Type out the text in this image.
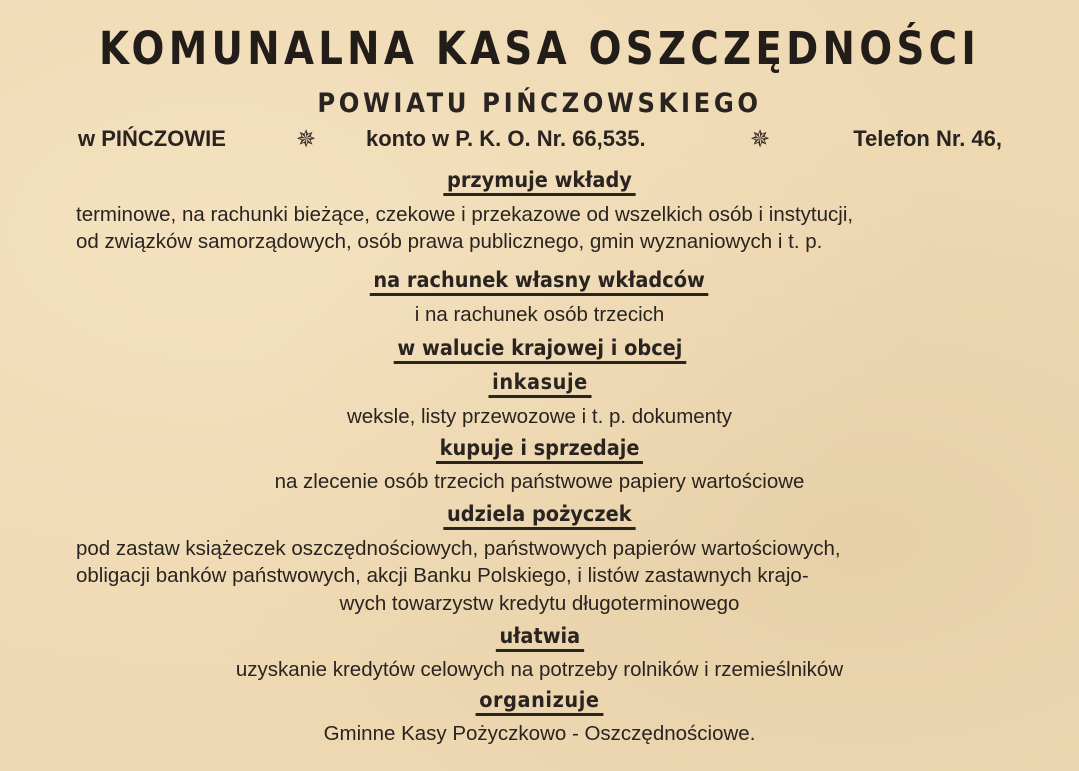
KOMUNALNA KASA OSZCZĘDNOŚCI
POWIATU PIŃCZOWSKIEGO
w PIŃCZOWIE	✵ konto w P. K. O. Nr. 66,535.	✵	Telefon Nr. 46,
przymuje wkłady

terminowe, na rachunki bieżące, czekowe i przekazowe od wszelkich osób i instytucji,

od związków samorządowych, osób prawa publicznego, gmin wyznaniowych i t. p.

na rachunek własny wkładców

i na rachunek osób trzecich

w walucie krajowej i obcej
inkasuje

weksle, listy przewozowe i t. p. dokumenty

kupuje i sprzedaje

na zlecenie osób trzecich państwowe papiery wartościowe

udziela pożyczek

pod zastaw książeczek oszczędnościowych, państwowych papierów wartościowych,

obligacji banków państwowych, akcji Banku Polskiego, i listów zastawnych krajo-

wych towarzystw kredytu długoterminowego

ułatwia

uzyskanie kredytów celowych na potrzeby rolników i rzemieślników

organizuje

Gminne Kasy Pożyczkowo - Oszczędnościowe.
